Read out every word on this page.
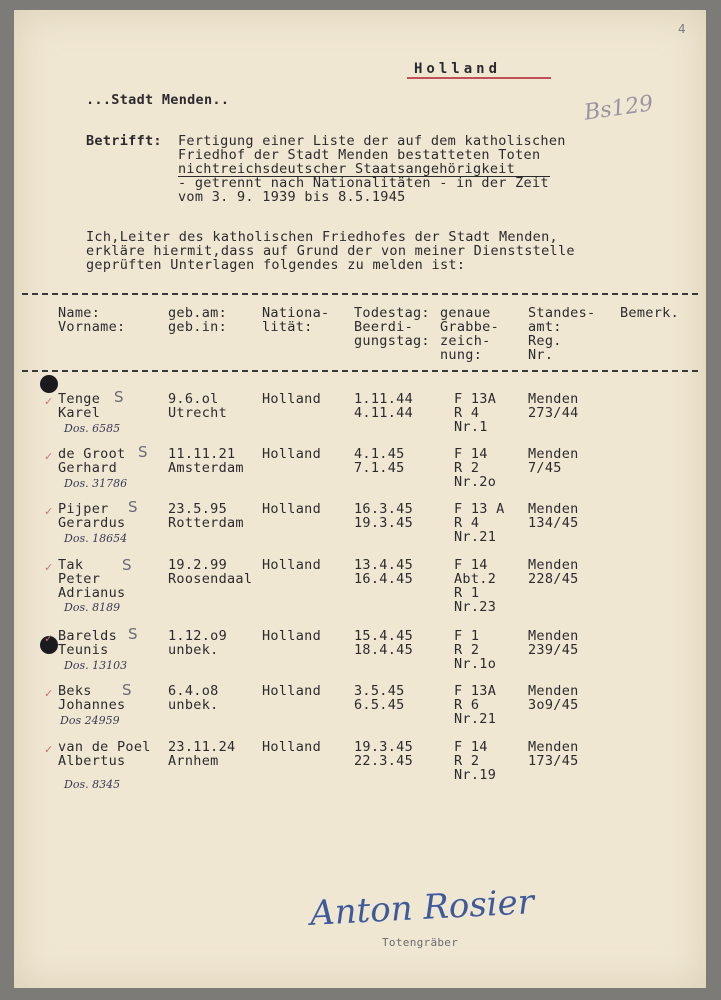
4
Holland
...Stadt Menden..	Bs129
Betrifft: Fertigung einer Liste der auf dem katholischen
Friedhof der Stadt Menden bestatteten Toten
nichtreichsdeutscher Staatsangehörigkeit
- getrennt nach Nationalitäten - in der Zeit
vom 3. 9. 1939 bis 8.5.1945
Ich,Leiter des katholischen Friedhofes der Stadt Menden,
erkläre hiermit,dass auf Grund der von meiner Dienststelle
geprüften Unterlagen folgendes zu melden ist:
Name:
Vorname:
geb.am:
geb.in:
Nationa-
lität:
Todestag:
Beerdi-
gungstag:
genaue
Grabbe-
zeich-
nung:
Standes-
amt:
Reg.
Nr.
Bemerk.
✓ Tenge
Karel
S
Dos. 6585
9.6.ol
Utrecht
Holland 1.11.44
4.11.44
F 13A
R 4
Nr.1
Menden
273/44
✓ de Groot
Gerhard
S
Dos. 31786
11.11.21
Amsterdam
Holland 4.1.45
7.1.45
F 14
R 2
Nr.2o
Menden
7/45
✓ Pijper
Gerardus
S
Dos. 18654
23.5.95
Rotterdam
Holland 16.3.45
19.3.45
F 13 A
R 4
Nr.21
Menden
134/45
✓ Tak
Peter
Adrianus
S
Dos. 8189
19.2.99
Roosendaal
Holland 13.4.45
16.4.45
F 14
Abt.2
R 1
Nr.23
Menden
228/45
✓ Barelds
Teunis
S
Dos. 13103
1.12.o9
unbek.
Holland 15.4.45
18.4.45
F 1
R 2
Nr.1o
Menden
239/45
✓ Beks
Johannes
S
Dos 24959
6.4.o8
unbek.
Holland 3.5.45
6.5.45
F 13A
R 6
Nr.21
Menden
3o9/45
✓ van de Poel
Albertus
Dos. 8345
23.11.24
Arnhem
Holland 19.3.45
22.3.45
F 14
R 2
Nr.19
Menden
173/45
Anton Rosier
Totengräber
